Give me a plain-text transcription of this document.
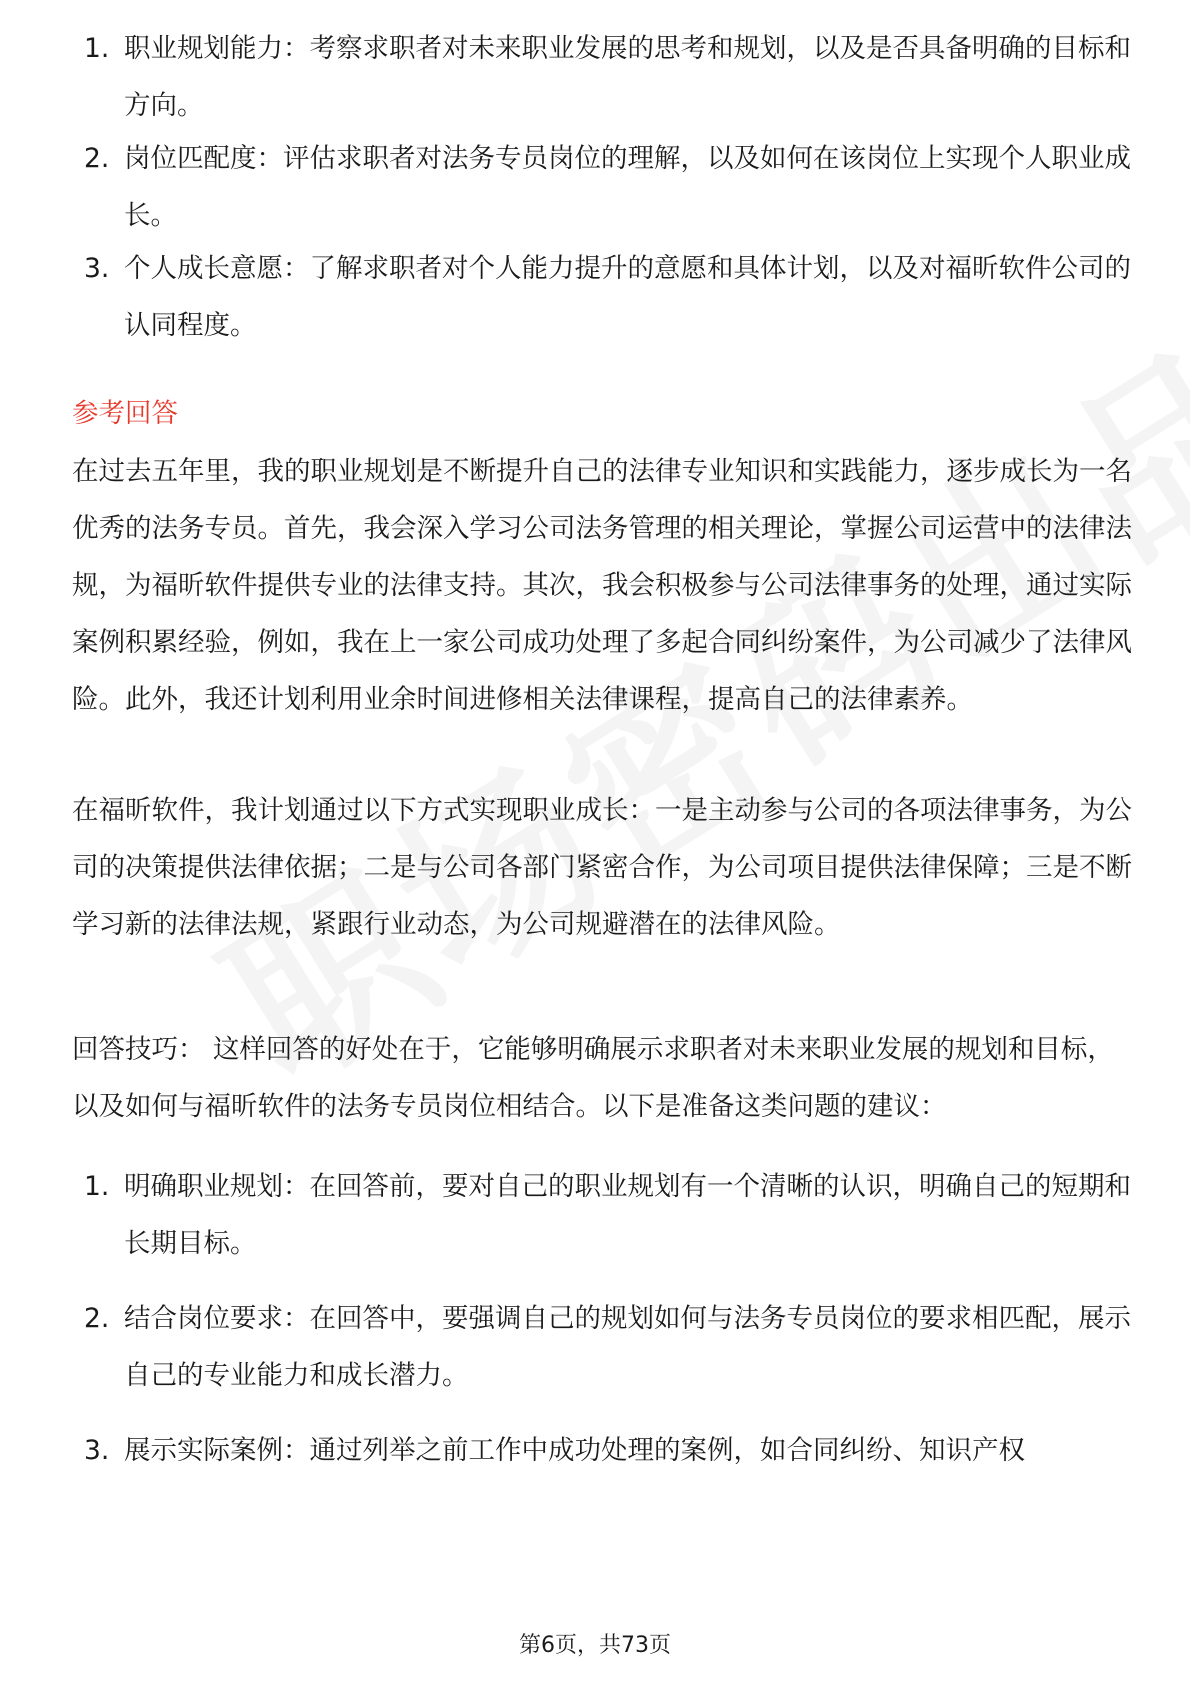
1. 职业规划能力：考察求职者对未来职业发展的思考和规划，以及是否具备明确的目标和方向。
2. 岗位匹配度：评估求职者对法务专员岗位的理解，以及如何在该岗位上实现个人职业成长。
3. 个人成长意愿：了解求职者对个人能力提升的意愿和具体计划，以及对福昕软件公司的认同程度。
参考回答
在过去五年里，我的职业规划是不断提升自己的法律专业知识和实践能力，逐步成长为一名优秀的法务专员。首先，我会深入学习公司法务管理的相关理论，掌握公司运营中的法律法规，为福昕软件提供专业的法律支持。其次，我会积极参与公司法律事务的处理，通过实际案例积累经验，例如，我在上一家公司成功处理了多起合同纠纷案件，为公司减少了法律风险。此外，我还计划利用业余时间进修相关法律课程，提高自己的法律素养。
在福昕软件，我计划通过以下方式实现职业成长：一是主动参与公司的各项法律事务，为公司的决策提供法律依据；二是与公司各部门紧密合作，为公司项目提供法律保障；三是不断学习新的法律法规，紧跟行业动态，为公司规避潜在的法律风险。
回答技巧： 这样回答的好处在于，它能够明确展示求职者对未来职业发展的规划和目标，以及如何与福昕软件的法务专员岗位相结合。以下是准备这类问题的建议：
1. 明确职业规划：在回答前，要对自己的职业规划有一个清晰的认识，明确自己的短期和长期目标。
2. 结合岗位要求：在回答中，要强调自己的规划如何与法务专员岗位的要求相匹配，展示自己的专业能力和成长潜力。
3. 展示实际案例：通过列举之前工作中成功处理的案例，如合同纠纷、知识产权
第6页，共73页
